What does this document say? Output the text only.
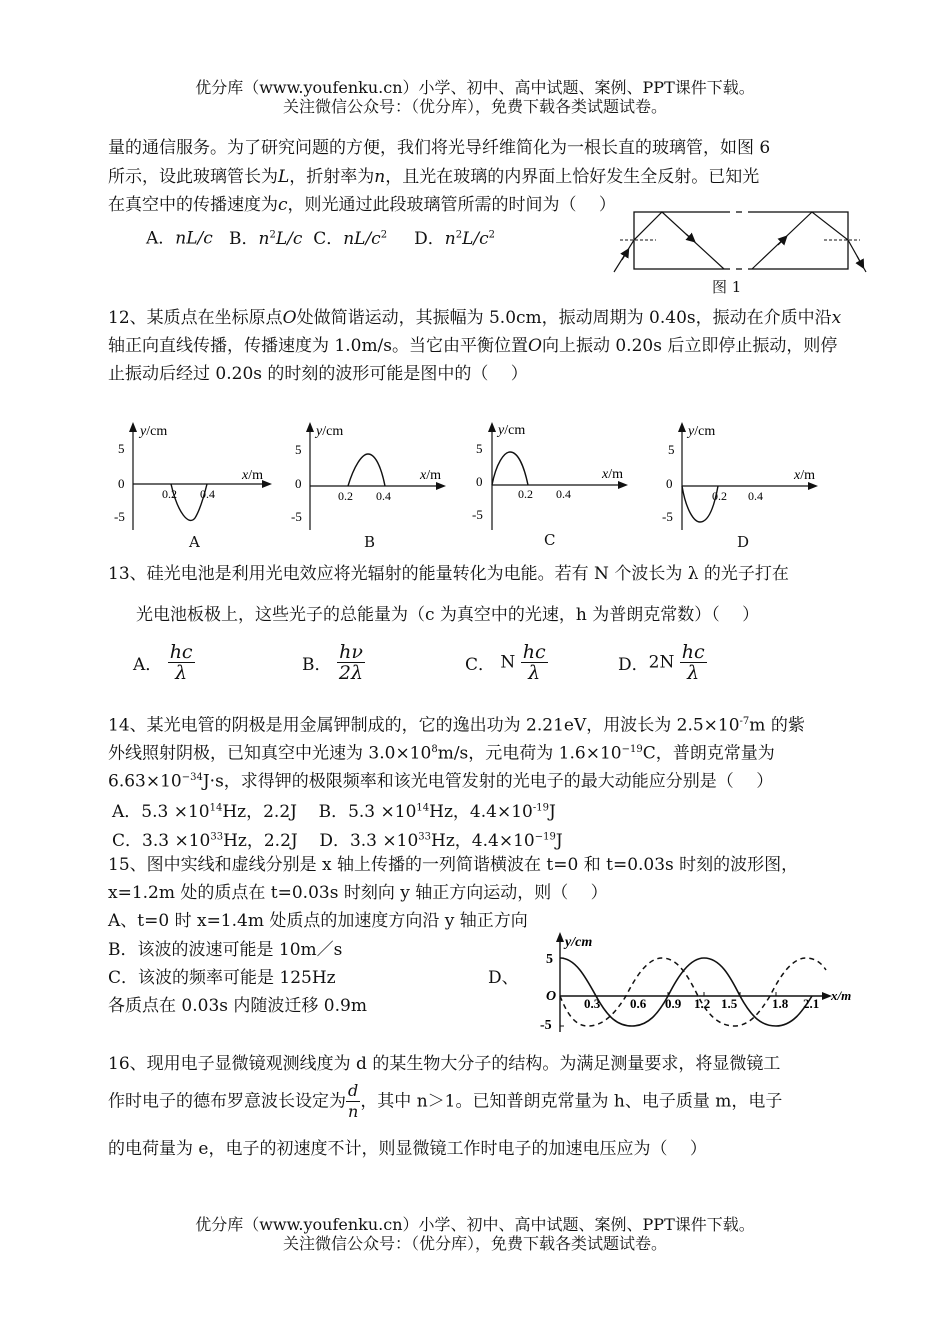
优分库（www.youfenku.cn）小学、初中、高中试题、案例、PPT课件下载。
关注微信公众号：（优分库），免费下载各类试题试卷。
量的通信服务。为了研究问题的方便，我们将光导纤维简化为一根长直的玻璃管，如图 6
所示，设此玻璃管长为L，折射率为n，且光在玻璃的内界面上恰好发生全反射。已知光
在真空中的传播速度为c，则光通过此段玻璃管所需的时间为（　 ）
A．nL/c B．$n^2L/c$ C．$nL/c^2$ D．$n^2L/c^2$
图 1
12、某质点在坐标原点O处做简谐运动，其振幅为 5.0cm，振动周期为 0.40s，振动在介质中沿x
轴正向直线传播，传播速度为 1.0m/s。当它由平衡位置O向上振动 0.20s 后立即停止振动，则停
止振动后经过 0.20s 的时刻的波形可能是图中的（　 ）
y/cm
x/m
5
0
-5
0.2 0.4
A
y/cm
x/m
5
0
-5
0.2 0.4
B
y/cm
x/m
5
0
-5
0.2 0.4
C
y/cm
x/m
5
0
-5
0.2 0.4
D
13、硅光电池是利用光电效应将光辐射的能量转化为电能。若有 N 个波长为 λ 的光子打在
光电池板极上，这些光子的总能量为（c 为真空中的光速，h 为普朗克常数）（　 ）
A． $\frac{hc}{\lambda}$	B． $\frac{h\nu}{2\lambda}$	C． N $\frac{hc}{\lambda}$	D．$2N \frac{hc}{\lambda}$
14、某光电管的阴极是用金属钾制成的，它的逸出功为 2.21eV，用波长为 $2.5\times 10^{-7}m$ 的紫
外线照射阴极，已知真空中光速为 $3.0\times 10^8m/s$，元电荷为 $1.6\times 10^{-19}C$，普朗克常量为
$6.63\times 10^{-34}J\cdot s$，求得钾的极限频率和该光电管发射的光电子的最大动能应分别是（　 ）
A．$5.3 \times 10^{14}Hz$，2.2J B．$5.3 \times 10^{14}Hz$，$4.4\times 10^{-19}J$
C．$3.3 \times 10^{33}Hz$，2.2J D．$3.3 \times 10^{33}Hz$，$4.4\times 10^{-19}J$
15、图中实线和虚线分别是 x 轴上传播的一列简谐横波在 t=0 和 t=0.03s 时刻的波形图，
x=1.2m 处的质点在 t=0.03s 时刻向 y 轴正方向运动，则（　 ）
A、t=0 时 x=1.4m 处质点的加速度方向沿 y 轴正方向
B．该波的波速可能是 10m／s
C．该波的频率可能是 125Hz	D、
各质点在 0.03s 内随波迁移 0.9m
y/cm
5
-5
O	x/m
0.3 0.6 0.9 1.2 1.5	1.8 2.1
16、现用电子显微镜观测线度为 d 的某生物大分子的结构。为满足测量要求，将显微镜工
作时电子的德布罗意波长设定为 $\frac{d}{n}$ ，其中 n＞1。已知普朗克常量为 h、电子质量 m，电子
的电荷量为 e，电子的初速度不计，则显微镜工作时电子的加速电压应为（　 ）
优分库（www.youfenku.cn）小学、初中、高中试题、案例、PPT课件下载。
关注微信公众号：（优分库），免费下载各类试题试卷。
